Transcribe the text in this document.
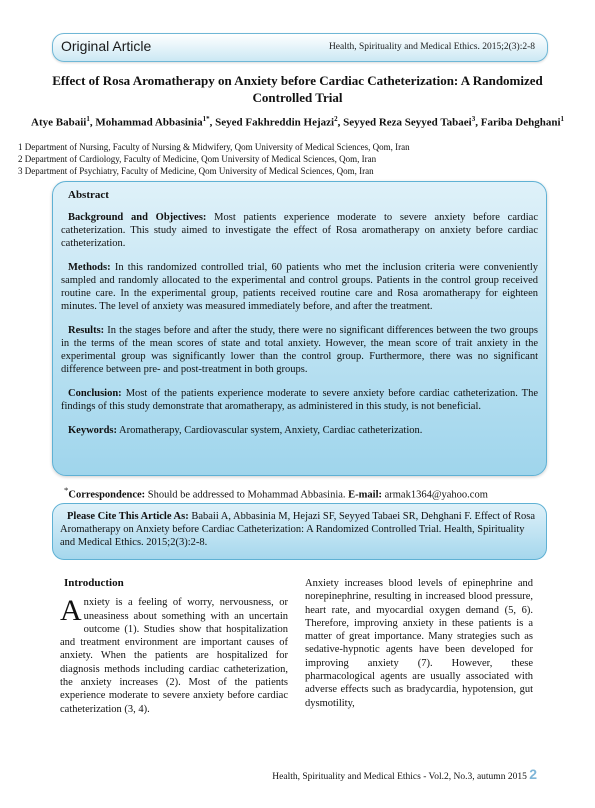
Original Article	Health, Spirituality and Medical Ethics. 2015;2(3):2-8
Effect of Rosa Aromatherapy on Anxiety before Cardiac Catheterization: A Randomized Controlled Trial
Atye Babaii$^1$, Mohammad Abbasinia$^{1*}$, Seyed Fakhreddin Hejazi$^2$, Seyyed Reza Seyyed Tabaei$^3$, Fariba Dehghani$^1$
1 Department of Nursing, Faculty of Nursing & Midwifery, Qom University of Medical Sciences, Qom, Iran
2 Department of Cardiology, Faculty of Medicine, Qom University of Medical Sciences, Qom, Iran
3 Department of Psychiatry, Faculty of Medicine, Qom University of Medical Sciences, Qom, Iran
Abstract

Background and Objectives: Most patients experience moderate to severe anxiety before cardiac catheterization. This study aimed to investigate the effect of Rosa aromatherapy on anxiety before cardiac catheterization.

Methods: In this randomized controlled trial, 60 patients who met the inclusion criteria were conveniently sampled and randomly allocated to the experimental and control groups. Patients in the control group received routine care. In the experimental group, patients received routine care and Rosa aromatherapy for eighteen minutes. The level of anxiety was measured immediately before, and after the treatment.

Results: In the stages before and after the study, there were no significant differences between the two groups in the terms of the mean scores of state and total anxiety. However, the mean score of trait anxiety in the experimental group was significantly lower than the control group. Furthermore, there was no significant difference between pre- and post-treatment in both groups.

Conclusion: Most of the patients experience moderate to severe anxiety before cardiac catheterization. The findings of this study demonstrate that aromatherapy, as administered in this study, is not beneficial.

Keywords: Aromatherapy, Cardiovascular system, Anxiety, Cardiac catheterization.

*Correspondence: Should be addressed to Mohammad Abbasinia. E-mail: armak1364@yahoo.com
Please Cite This Article As: Babaii A, Abbasinia M, Hejazi SF, Seyyed Tabaei SR, Dehghani F. Effect of Rosa Aromatherapy on Anxiety before Cardiac Catheterization: A Randomized Controlled Trial. Health, Spirituality and Medical Ethics. 2015;2(3):2-8.
Introduction
A nxiety is a feeling of worry, nervousness, or uneasiness about something with an uncertain outcome (1). Studies show that hospitalization and treatment environment are important causes of anxiety. When the patients are hospitalized for diagnosis methods including cardiac catheterization, the anxiety increases (2). Most of the patients experience moderate to severe anxiety before cardiac catheterization (3, 4).
Anxiety increases blood levels of epinephrine and norepinephrine, resulting in increased blood pressure, heart rate, and myocardial oxygen demand (5, 6). Therefore, improving anxiety in these patients is a matter of great importance. Many strategies such as sedative-hypnotic agents have been developed for improving anxiety (7). However, these pharmacological agents are usually associated with adverse effects such as bradycardia, hypotension, gut dysmotility,
Health, Spirituality and Medical Ethics - Vol.2, No.3, autumn 2015 2
